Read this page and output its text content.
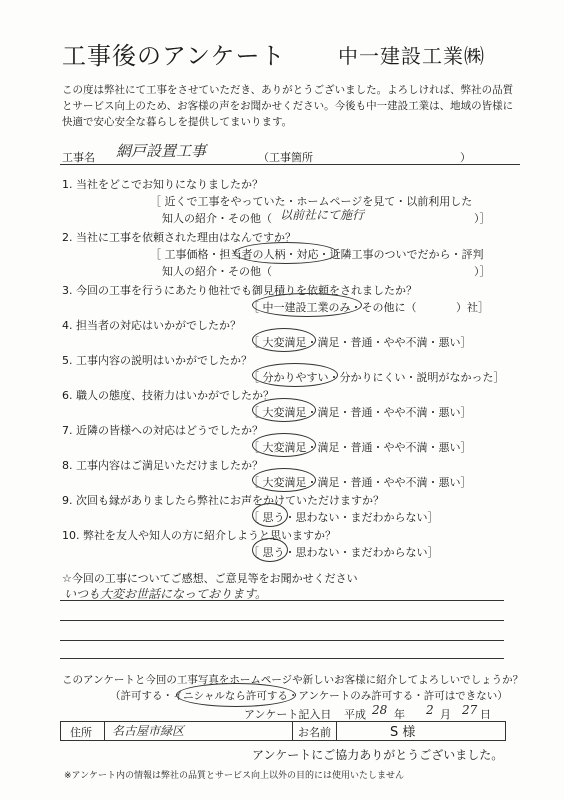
工事後のアンケート	中一建設工業㈱
この度は弊社にて工事をさせていただき、ありがとうございました。よろしければ、弊社の品質とサービス向上のため、お客様の声をお聞かせください。今後も中一建設工業は、地域の皆様に快適で安心安全な暮らしを提供してまいります。
工事名 網戸設置工事	（工事箇所	）
1. 当社をどこでお知りになりましたか？
［ 近くで工事をやっていた・ホームページを見て・以前利用した
知人の紹介・その他（ 以前社にて施行	）］
2. 当社に工事を依頼された理由はなんですか？
［ 工事価格・担当者の人柄・対応・近隣工事のついでだから・評判
知人の紹介・その他（	）］
3. 今回の工事を行うにあたり他社でも御見積りを依頼をされましたか？
［ 中一建設工業のみ・その他に（	）社］
4. 担当者の対応はいかがでしたか？
［ 大変満足・満足・普通・やや不満・悪い］
5. 工事内容の説明はいかがでしたか？
［ 分かりやすい・分かりにくい・説明がなかった］
6. 職人の態度、技術力はいかがでしたか？
［ 大変満足・満足・普通・やや不満・悪い］
7. 近隣の皆様への対応はどうでしたか？
［ 大変満足・満足・普通・やや不満・悪い］
8. 工事内容はご満足いただけましたか？
［ 大変満足・満足・普通・やや不満・悪い］
9. 次回も縁がありましたら弊社にお声をかけていただけますか？
［ 思う・思わない・まだわからない］
10. 弊社を友人や知人の方に紹介しようと思いますか？
［ 思う・思わない・まだわからない］
☆今回の工事についてご感想、ご意見等をお聞かせください
いつも大変お世話になっております。
このアンケートと今回の工事写真をホームページや新しいお客様に紹介してよろしいでしょうか？
（許可する・イニシャルなら許可する・アンケートのみ許可する・許可はできない）
アンケート記入日 平成 28 年 2 月 27 日
住所 名古屋市緑区	お名前	S 様
アンケートにご協力ありがとうございました。
※アンケート内の情報は弊社の品質とサービス向上以外の目的には使用いたしません
